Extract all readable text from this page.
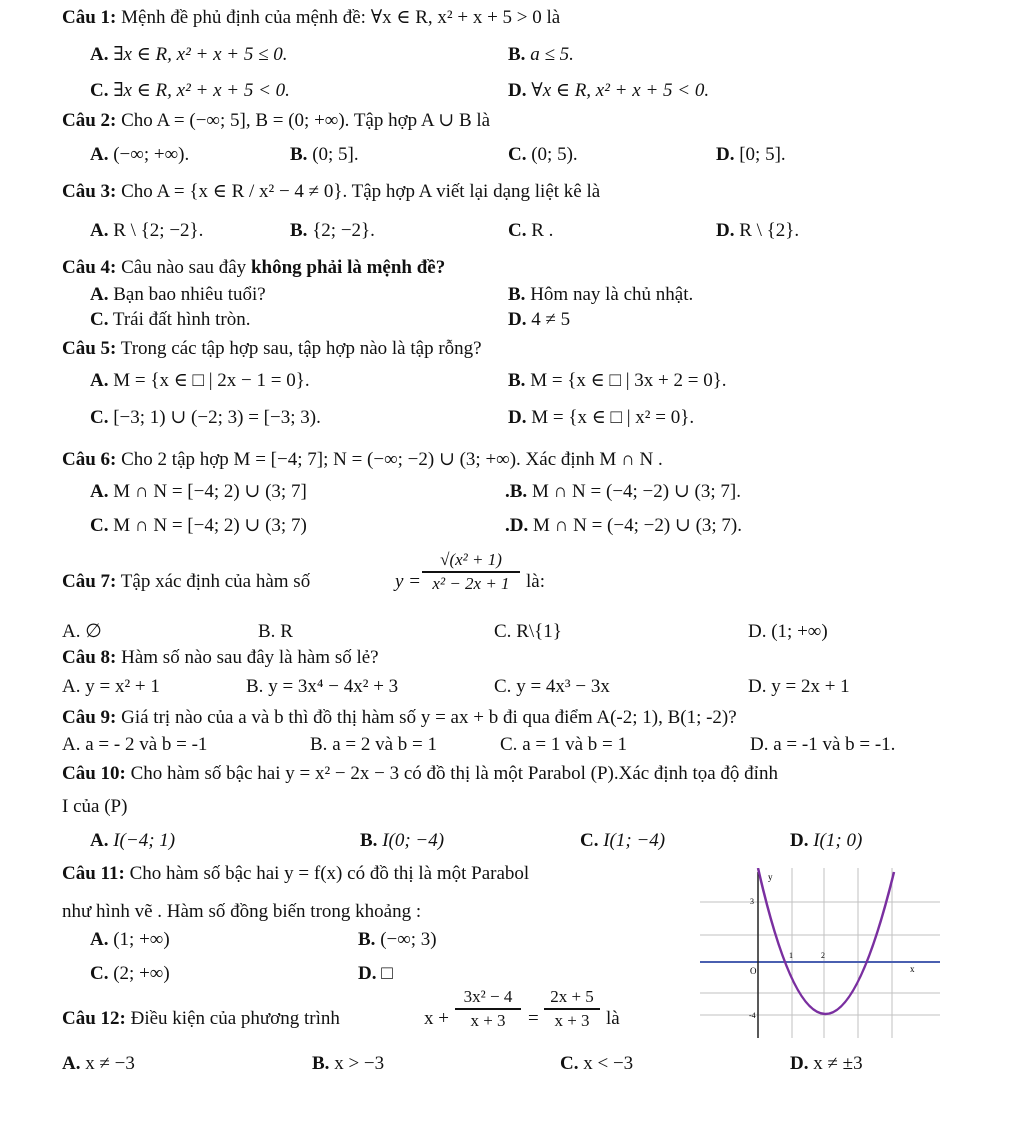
Câu 1: Mệnh đề phủ định của mệnh đề: ∀x ∈ R, x² + x + 5 > 0 là
A. ∃x ∈ R, x² + x + 5 ≤ 0.	B. a ≤ 5.
C. ∃x ∈ R, x² + x + 5 < 0.	D. ∀x ∈ R, x² + x + 5 < 0.
Câu 2: Cho A = (−∞; 5], B = (0; +∞). Tập hợp A ∪ B là
A. (−∞; +∞).	B. (0; 5].	C. (0; 5).	D. [0; 5].
Câu 3: Cho A = {x ∈ R / x² − 4 ≠ 0}. Tập hợp A viết lại dạng liệt kê là
A. R \ {2; −2}.	B. {2; −2}.	C. R .	D. R \ {2}.
Câu 4: Câu nào sau đây không phải là mệnh đề?
A. Bạn bao nhiêu tuổi?	B. Hôm nay là chủ nhật.
C. Trái đất hình tròn.	D. 4 ≠ 5
Câu 5: Trong các tập hợp sau, tập hợp nào là tập rỗng?
A. M = {x ∈ □ | 2x − 1 = 0}.	B. M = {x ∈ □ | 3x + 2 = 0}.
C. [−3; 1) ∪ (−2; 3) = [−3; 3).	D. M = {x ∈ □ | x² = 0}.
Câu 6: Cho 2 tập hợp M = [−4; 7]; N = (−∞; −2) ∪ (3; +∞). Xác định M ∩ N .
A. M ∩ N = [−4; 2) ∪ (3; 7]	.B. M ∩ N = (−4; −2) ∪ (3; 7].
C. M ∩ N = [−4; 2) ∪ (3; 7)	.D. M ∩ N = (−4; −2) ∪ (3; 7).
Câu 7: Tập xác định của hàm số	y =
√(x² + 1)
x² − 2x + 1 là:
A. ∅	B. R	C. R\{1}	D. (1; +∞)
Câu 8: Hàm số nào sau đây là hàm số lẻ?
A. y = x² + 1	B. y = 3x⁴ − 4x² + 3	C. y = 4x³ − 3x	D. y = 2x + 1
Câu 9: Giá trị nào của a và b thì đồ thị hàm số y = ax + b đi qua điểm A(-2; 1), B(1; -2)?
A. a = - 2 và b = -1	B. a = 2 và b = 1	C. a = 1 và b = 1	D. a = -1 và b = -1.
Câu 10: Cho hàm số bậc hai y = x² − 2x − 3 có đồ thị là một Parabol (P).Xác định tọa độ đỉnh
I của (P)
A. I(−4; 1)	B. I(0; −4)	C. I(1; −4)	D. I(1; 0)
Câu 11: Cho hàm số bậc hai y = f(x) có đồ thị là một Parabol
như hình vẽ . Hàm số đồng biến trong khoảng :
A. (1; +∞)	B. (−∞; 3)
C. (2; +∞)	D. □
y
x
O
3
1	2
-4
Câu 12: Điều kiện của phương trình	x +
3x² − 4
x + 3	=
2x + 5
x + 3 là
A. x ≠ −3	B. x > −3	C. x < −3	D. x ≠ ±3
